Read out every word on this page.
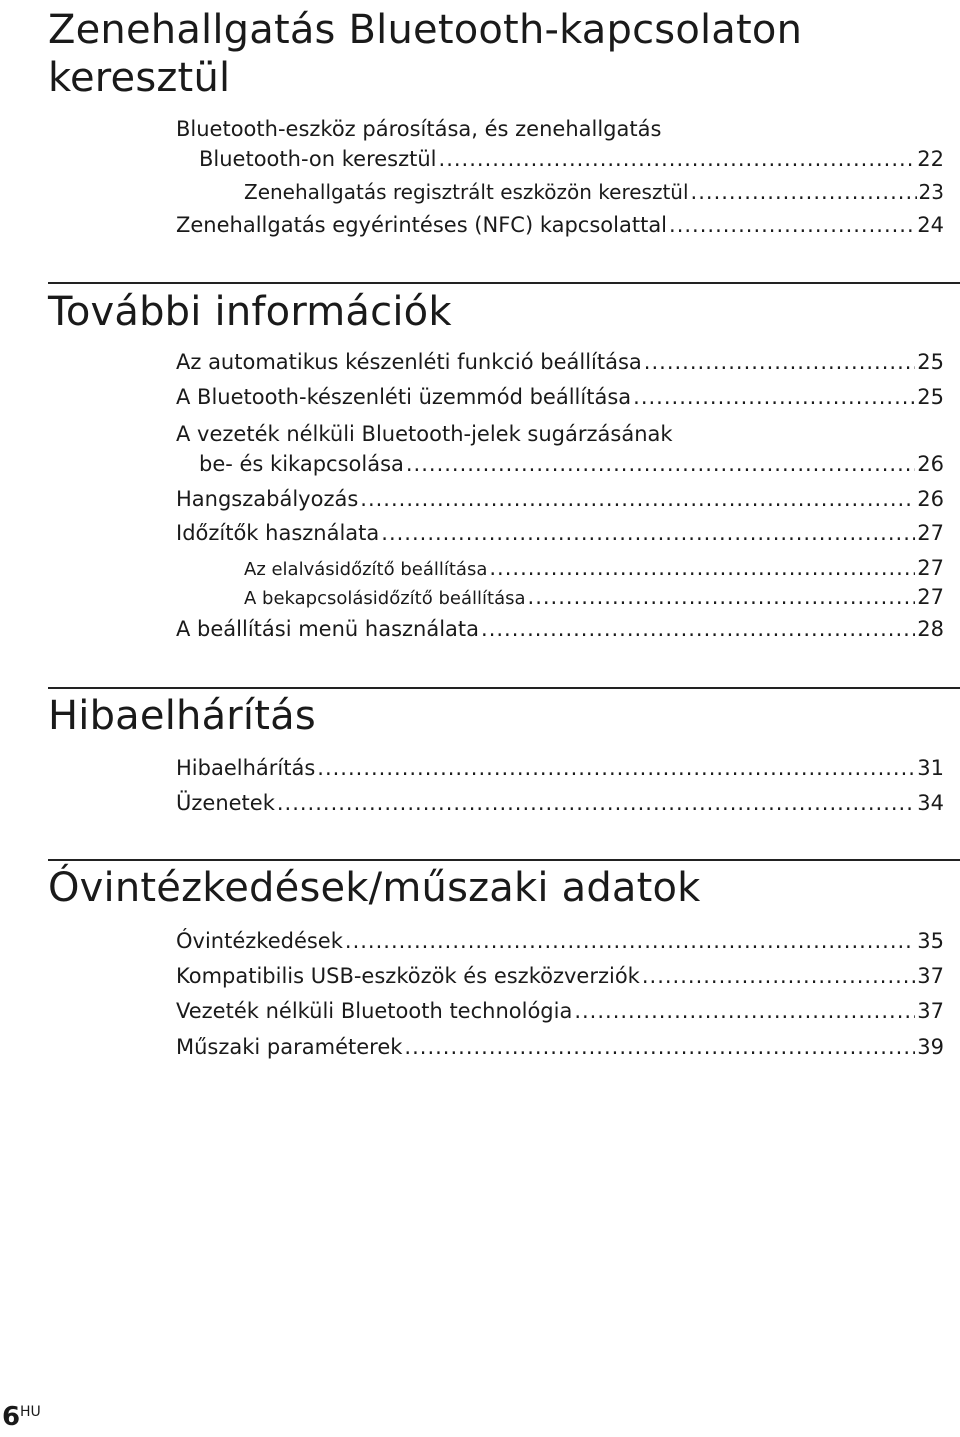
Zenehallgatás Bluetooth-kapcsolaton
keresztül
Bluetooth-eszköz párosítása, és zenehallgatás
Bluetooth-on keresztül .....	22
Zenehallgatás regisztrált eszközön keresztül .....	23
Zenehallgatás egyérintéses (NFC) kapcsolattal .....	24
További információk
Az automatikus készenléti funkció beállítása .....	25
A Bluetooth-készenléti üzemmód beállítása .....	25
A vezeték nélküli Bluetooth-jelek sugárzásának
be- és kikapcsolása .....	26
Hangszabályozás .....	26
Időzítők használata .....	27
Az elalvásidőzítő beállítása .....	27
A bekapcsolásidőzítő beállítása .....	27
A beállítási menü használata .....	28
Hibaelhárítás
Hibaelhárítás .....	31
Üzenetek .....	34
Óvintézkedések/műszaki adatok
Óvintézkedések .....	35
Kompatibilis USB-eszközök és eszközverziók .....	37
Vezeték nélküli Bluetooth technológia .....	37
Műszaki paraméterek .....	39
6 HU
